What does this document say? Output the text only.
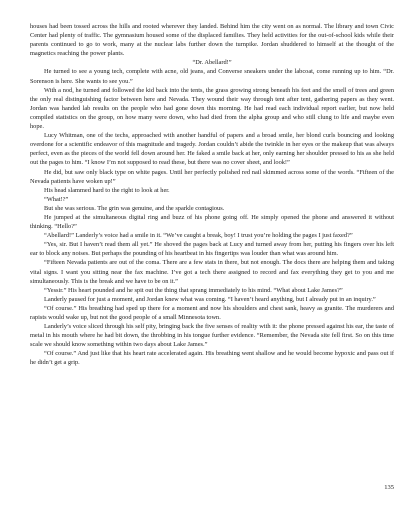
houses had been tossed across the hills and rooted wherever they landed. Behind him the city went on as normal. The library and town Civic Center had plenty of traffic. The gymnasium housed some of the displaced families. They held activities for the out-of-school kids while their parents continued to go to work, many at the nuclear labs further down the turnpike. Jordan shuddered to himself at the thought of the magnetics reaching the power plants.

“Dr. Abellard!”

He turned to see a young tech, complete with acne, old jeans, and Converse sneakers under the labcoat, come running up to him. “Dr. Sorenson is here. She wants to see you.”

With a nod, he turned and followed the kid back into the tents, the grass growing strong beneath his feet and the smell of trees and green the only real distinguishing factor between here and Nevada. They wound their way through tent after tent, gathering papers as they went. Jordan was handed lab results on the people who had gone down this morning. He had read each individual report earlier, but now held compiled statistics on the group, on how many were down, who had died from the alpha group and who still clung to life and maybe even hope.

Lucy Whitman, one of the techs, approached with another handful of papers and a broad smile, her blond curls bouncing and looking overdone for a scientific endeavor of this magnitude and tragedy. Jordan couldn’t abide the twinkle in her eyes or the makeup that was always perfect, even as the pieces of the world fell down around her. He faked a smile back at her, only earning her shoulder pressed to his as she held out the pages to him. “I know I’m not supposed to read these, but there was no cover sheet, and look!”

He did, but saw only black type on white pages. Until her perfectly polished red nail skimmed across some of the words. “Fifteen of the Nevada patients have woken up!”

His head slammed hard to the right to look at her.

“What!?”

But she was serious. The grin was genuine, and the sparkle contagious.

He jumped at the simultaneous digital ring and buzz of his phone going off. He simply opened the phone and answered it without thinking. “Hello?”

“Abellard!” Landerly’s voice had a smile in it. “We’ve caught a break, boy! I trust you’re holding the pages I just faxed?”

“Yes, sir. But I haven’t read them all yet.” He shoved the pages back at Lucy and turned away from her, putting his fingers over his left ear to block any noises. But perhaps the pounding of his heartbeat in his fingertips was louder than what was around him.

“Fifteen Nevada patients are out of the coma. There are a few stats in there, but not enough. The docs there are helping them and taking vital signs. I want you sitting near the fax machine. I’ve got a tech there assigned to record and fax everything they get to you and me simultaneously. This is the break and we have to be on it.”

“Yessir.” His heart pounded and he spit out the thing that sprang immediately to his mind. “What about Lake James?”

Landerly paused for just a moment, and Jordan knew what was coming. “I haven’t heard anything, but I already put in an inquiry.”

“Of course.” His breathing had sped up there for a moment and now his shoulders and chest sank, heavy as granite. The murderers and rapists would wake up, but not the good people of a small Minnesota town.

Landerly’s voice sliced through his self pity, bringing back the five senses of reality with it: the phone pressed against his ear, the taste of metal in his mouth where he had bit down, the throbbing in his tongue further evidence. “Remember, the Nevada site fell first. So on this time scale we should know something within two days about Lake James.”

“Of course.” And just like that his heart rate accelerated again. His breathing went shallow and he would become hypoxic and pass out if he didn’t get a grip.

135
